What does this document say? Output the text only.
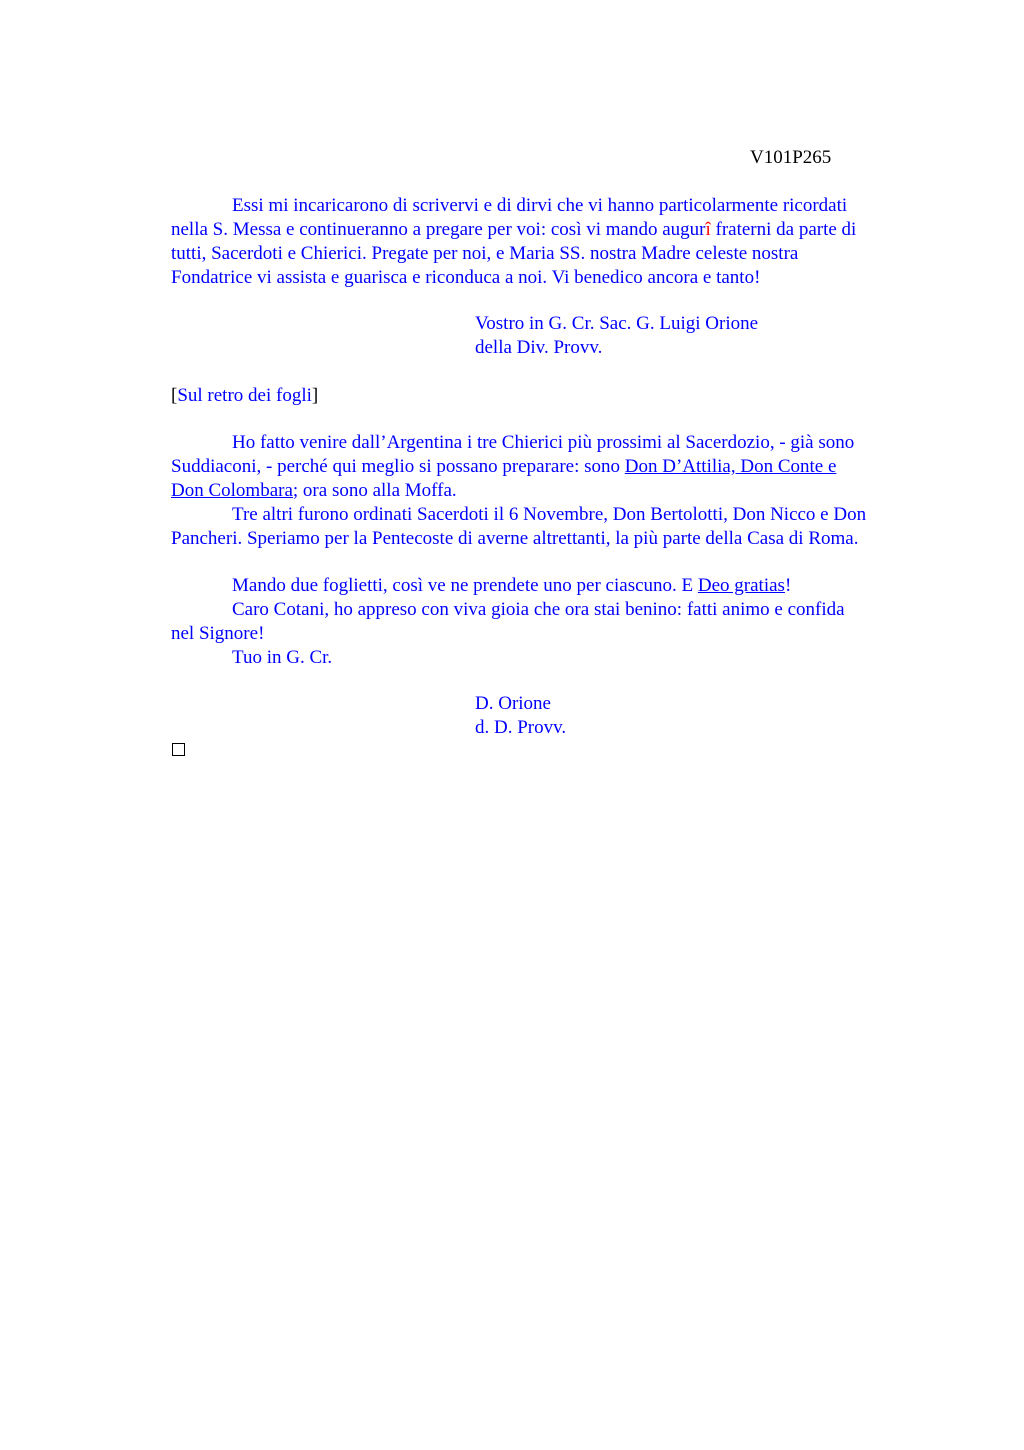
V101P265

Essi mi incaricarono di scrivervi e di dirvi che vi hanno particolarmente ricordati
nella S. Messa e continueranno a pregare per voi: così vi mando augurî fraterni da parte di
tutti, Sacerdoti e Chierici. Pregate per noi, e Maria SS. nostra Madre celeste nostra
Fondatrice vi assista e guarisca e riconduca a noi. Vi benedico ancora e tanto!

Vostro in G. Cr. Sac. G. Luigi Orione

della Div. Provv.

[Sul retro dei fogli]
Ho fatto venire dall’Argentina i tre Chierici più prossimi al Sacerdozio, - già sono
Suddiaconi, - perché qui meglio si possano preparare: sono Don D’Attilia, Don Conte e
Don Colombara; ora sono alla Moffa.
Tre altri furono ordinati Sacerdoti il 6 Novembre, Don Bertolotti, Don Nicco e Don
Pancheri. Speriamo per la Pentecoste di averne altrettanti, la più parte della Casa di Roma.
Mando due foglietti, così ve ne prendete uno per ciascuno. E Deo gratias!
Caro Cotani, ho appreso con viva gioia che ora stai benino: fatti animo e confida
nel Signore!
Tuo in G. Cr.

D. Orione

d. D. Provv.
